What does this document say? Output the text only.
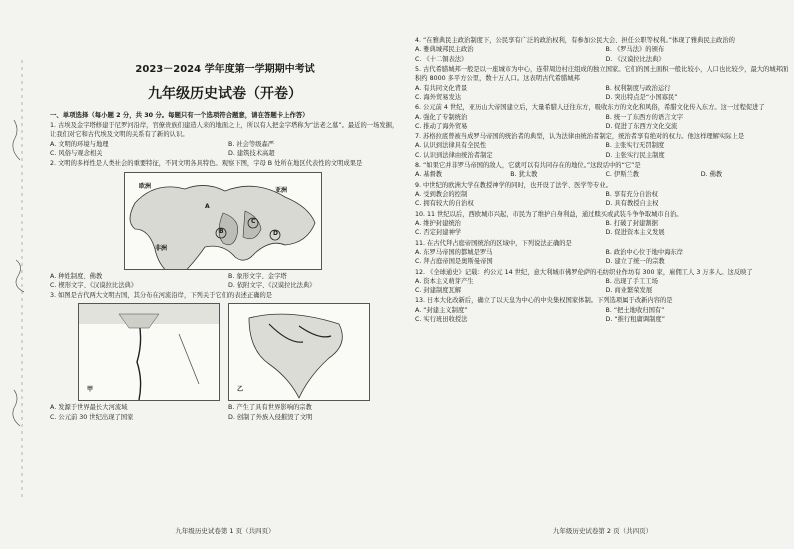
2023－2024 学年度第一学期期中考试
九年级历史试卷（开卷）
一、单项选择（每小题 2 分，共 30 分。每题只有一个选项符合题意，请在答题卡上作答）
1. 古埃及金字塔修建于尼罗河沿岸，官僚贵族们建造人来的地面之上，所以有人把金字塔称为“法老之墓”。最近的一场发掘，让我们对它和古代埃及文明的关系有了新的认识。
A. 文明的环境与地理	B. 社会等级森严
C. 风俗与观念相关	D. 建筑技术高超
2. 文明的多样性是人类社会的重要特征，不同文明各具特色。观察下图，字母 B 处所在地区代表性的文明成果是
欧洲
亚洲
非洲
B
A
C
D
A. 种姓制度、佛教	B. 象形文字、金字塔
C. 楔形文字、《汉谟拉比法典》	D. 依附文字、《汉谟拉比法典》
3. 如图是古代两大文明古国，其分布在河流沿岸，下列关于它们的表述正确的是
甲	乙
A. 发源于世界最长大河流域	B. 产生了具有世界影响的宗教
C. 公元前 30 世纪出现了国家	D. 创制了外族入侵摧毁了文明
九年级历史试卷第 1 页（共四页）
4. “在雅典民主政治制度下，公民享有广泛的政治权利，有参加公民大会、担任公职等权利。”体现了雅典民主政治的
A. 雅典城邦民主政治	B. 《罗马法》的颁布
C. 《十二铜表法》	D. 《汉谟拉比法典》
5. 古代希腊城邦一般是以一座城市为中心，连带周边村庄组成的独立国家。它们的国土面积一般比较小，人口也比较少，最大的城邦面积约 8000 多平方公里，数十万人口。这表明古代希腊城邦
A. 有共同文化背景	B. 权利制度与政治运行
C. 海外贸易发达	D. 突出特点是“小国寡民”
6. 公元前 4 世纪，亚历山大帝国建立后，大量希腊人迁往东方，吸收东方的文化和风俗，希腊文化传入东方。这一过程促进了
A. 强化了专制统治	B. 统一了东西方的语言文字
C. 推动了海外贸易	D. 促进了东西方文化交流
7. 苏格拉底曾被当成罗马帝国的统治者的典型，认为法律由统治者制定，统治者享有绝对的权力。他这样理解实际上是
A. 认识到法律具有全民性	B. 主张实行无罚制度
C. 认识到法律由统治者制定	D. 主张实行民主制度
8. “如果它并非罗马帝国的敌人，它就可以有共同存在的地位。”这段话中的“它”是
A. 基督教	B. 犹太教	C. 伊斯兰教	D. 佛教
9. 中世纪的欧洲大学在教授神学的同时，也开设了法学、医学等专业。
A. 受到教会的控制	B. 享有充分自治权
C. 拥有较大的自治权	D. 具有教授自主权
10. 11 世纪以后，西欧城市兴起，市民为了维护自身利益，通过赎买或武装斗争争取城市自治。
A. 维护封建统治	B. 打破了封建割据
C. 否定封建神学	D. 促进资本主义发展
11. 在古代拜占庭帝国统治的区域中，下列说法正确的是
A. 东罗马帝国的都城是罗马	B. 政治中心位于地中海东岸
C. 拜占庭帝国是奥斯曼帝国	D. 建立了统一的宗教
12. 《全球通史》记载：约公元 14 世纪，意大利城市佛罗伦萨的毛纺织业作坊有 300 家，雇佣工人 3 万多人。这反映了
A. 资本主义萌芽产生	B. 出现了手工工场
C. 封建制度瓦解	D. 商业繁荣发展
13. 日本大化改新后，确立了以天皇为中心的中央集权国家体制。下列选项属于改新内容的是
A. “封建主义制度”	B. “把土地收归国有”
C. 实行班田收授法	D. “推行租庸调制度”
九年级历史试卷第 2 页（共四页）
